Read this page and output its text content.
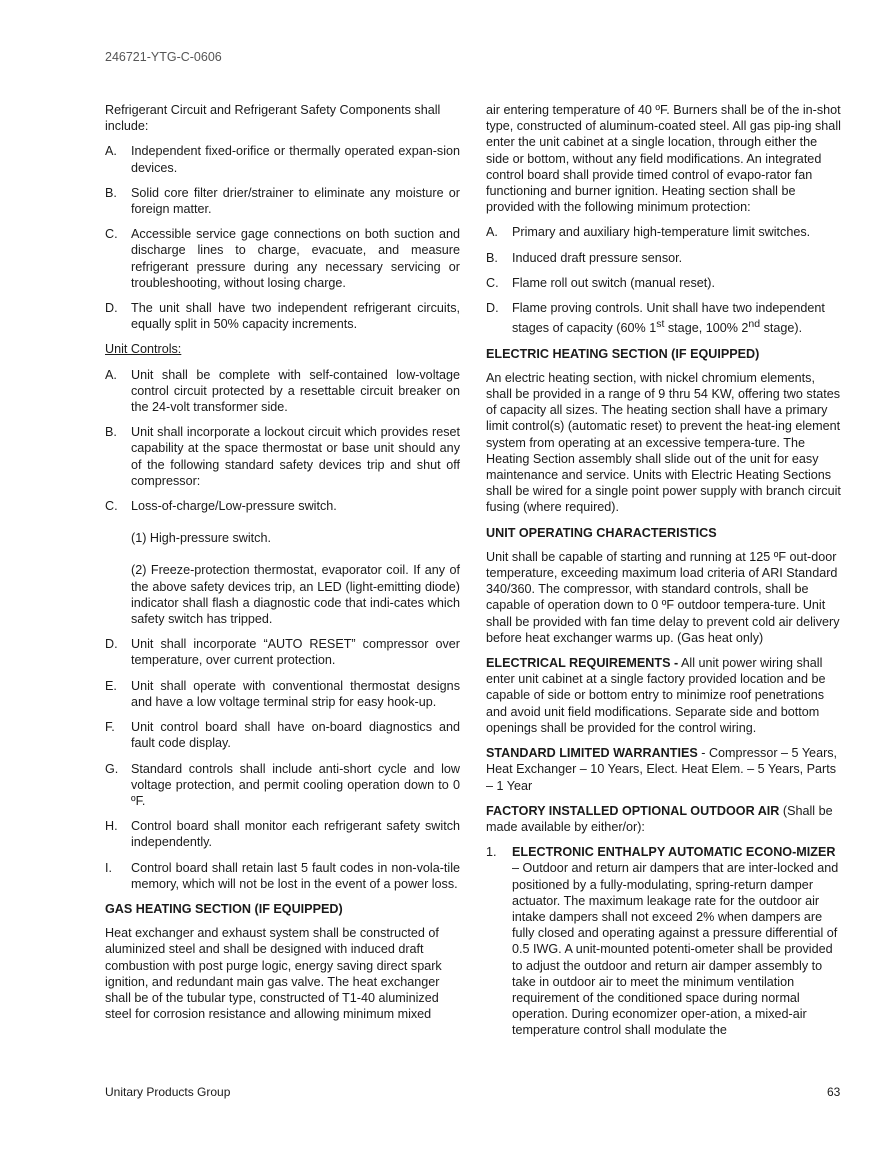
246721-YTG-C-0606

Refrigerant Circuit and Refrigerant Safety Components shall include:

A.	Independent fixed-orifice or thermally operated expan-sion devices.
B.	Solid core filter drier/strainer to eliminate any moisture or foreign matter.
C.	Accessible service gage connections on both suction and discharge lines to charge, evacuate, and measure refrigerant pressure during any necessary servicing or troubleshooting, without losing charge.
D.	The unit shall have two independent refrigerant circuits, equally split in 50% capacity increments.

Unit Controls:

A.	Unit shall be complete with self-contained low-voltage control circuit protected by a resettable circuit breaker on the 24-volt transformer side.
B.	Unit shall incorporate a lockout circuit which provides reset capability at the space thermostat or base unit should any of the following standard safety devices trip and shut off compressor:
C.	Loss-of-charge/Low-pressure switch.

(1) High-pressure switch.

(2) Freeze-protection thermostat, evaporator coil. If any of the above safety devices trip, an LED (light-emitting diode) indicator shall flash a diagnostic code that indi-cates which safety switch has tripped.

D.	Unit shall incorporate “AUTO RESET” compressor over temperature, over current protection.
E.	Unit shall operate with conventional thermostat designs and have a low voltage terminal strip for easy hook-up.
F.	Unit control board shall have on-board diagnostics and fault code display.
G.	Standard controls shall include anti-short cycle and low voltage protection, and permit cooling operation down to 0 ºF.
H.	Control board shall monitor each refrigerant safety switch independently.
I.	Control board shall retain last 5 fault codes in non-vola-tile memory, which will not be lost in the event of a power loss.

GAS HEATING SECTION (IF EQUIPPED)

Heat exchanger and exhaust system shall be constructed of aluminized steel and shall be designed with induced draft combustion with post purge logic, energy saving direct spark ignition, and redundant main gas valve. The heat exchanger shall be of the tubular type, constructed of T1-40 aluminized steel for corrosion resistance and allowing minimum mixed

air entering temperature of 40 ºF. Burners shall be of the in-shot type, constructed of aluminum-coated steel. All gas pip-ing shall enter the unit cabinet at a single location, through either the side or bottom, without any field modifications. An integrated control board shall provide timed control of evapo-rator fan functioning and burner ignition. Heating section shall be provided with the following minimum protection:

A.	Primary and auxiliary high-temperature limit switches.
B.	Induced draft pressure sensor.
C.	Flame roll out switch (manual reset).
D.	Flame proving controls. Unit shall have two independent stages of capacity (60% 1st stage, 100% 2nd stage).

ELECTRIC HEATING SECTION (IF EQUIPPED)

An electric heating section, with nickel chromium elements, shall be provided in a range of 9 thru 54 KW, offering two states of capacity all sizes. The heating section shall have a primary limit control(s) (automatic reset) to prevent the heat-ing element system from operating at an excessive tempera-ture. The Heating Section assembly shall slide out of the unit for easy maintenance and service. Units with Electric Heating Sections shall be wired for a single point power supply with branch circuit fusing (where required).

UNIT OPERATING CHARACTERISTICS

Unit shall be capable of starting and running at 125 ºF out-door temperature, exceeding maximum load criteria of ARI Standard 340/360. The compressor, with standard controls, shall be capable of operation down to 0 ºF outdoor tempera-ture. Unit shall be provided with fan time delay to prevent cold air delivery before heat exchanger warms up. (Gas heat only)

ELECTRICAL REQUIREMENTS - All unit power wiring shall enter unit cabinet at a single factory provided location and be capable of side or bottom entry to minimize roof penetrations and avoid unit field modifications. Separate side and bottom openings shall be provided for the control wiring.

STANDARD LIMITED WARRANTIES - Compressor – 5 Years, Heat Exchanger – 10 Years, Elect. Heat Elem. – 5 Years, Parts – 1 Year

FACTORY INSTALLED OPTIONAL OUTDOOR AIR (Shall be made available by either/or):

1.	ELECTRONIC ENTHALPY AUTOMATIC ECONO-MIZER – Outdoor and return air dampers that are inter-locked and positioned by a fully-modulating, spring-return damper actuator. The maximum leakage rate for the outdoor air intake dampers shall not exceed 2% when dampers are fully closed and operating against a pressure differential of 0.5 IWG. A unit-mounted potenti-ometer shall be provided to adjust the outdoor and return air damper assembly to take in outdoor air to meet the minimum ventilation requirement of the conditioned space during normal operation. During economizer oper-ation, a mixed-air temperature control shall modulate the
Unitary Products Group	63
